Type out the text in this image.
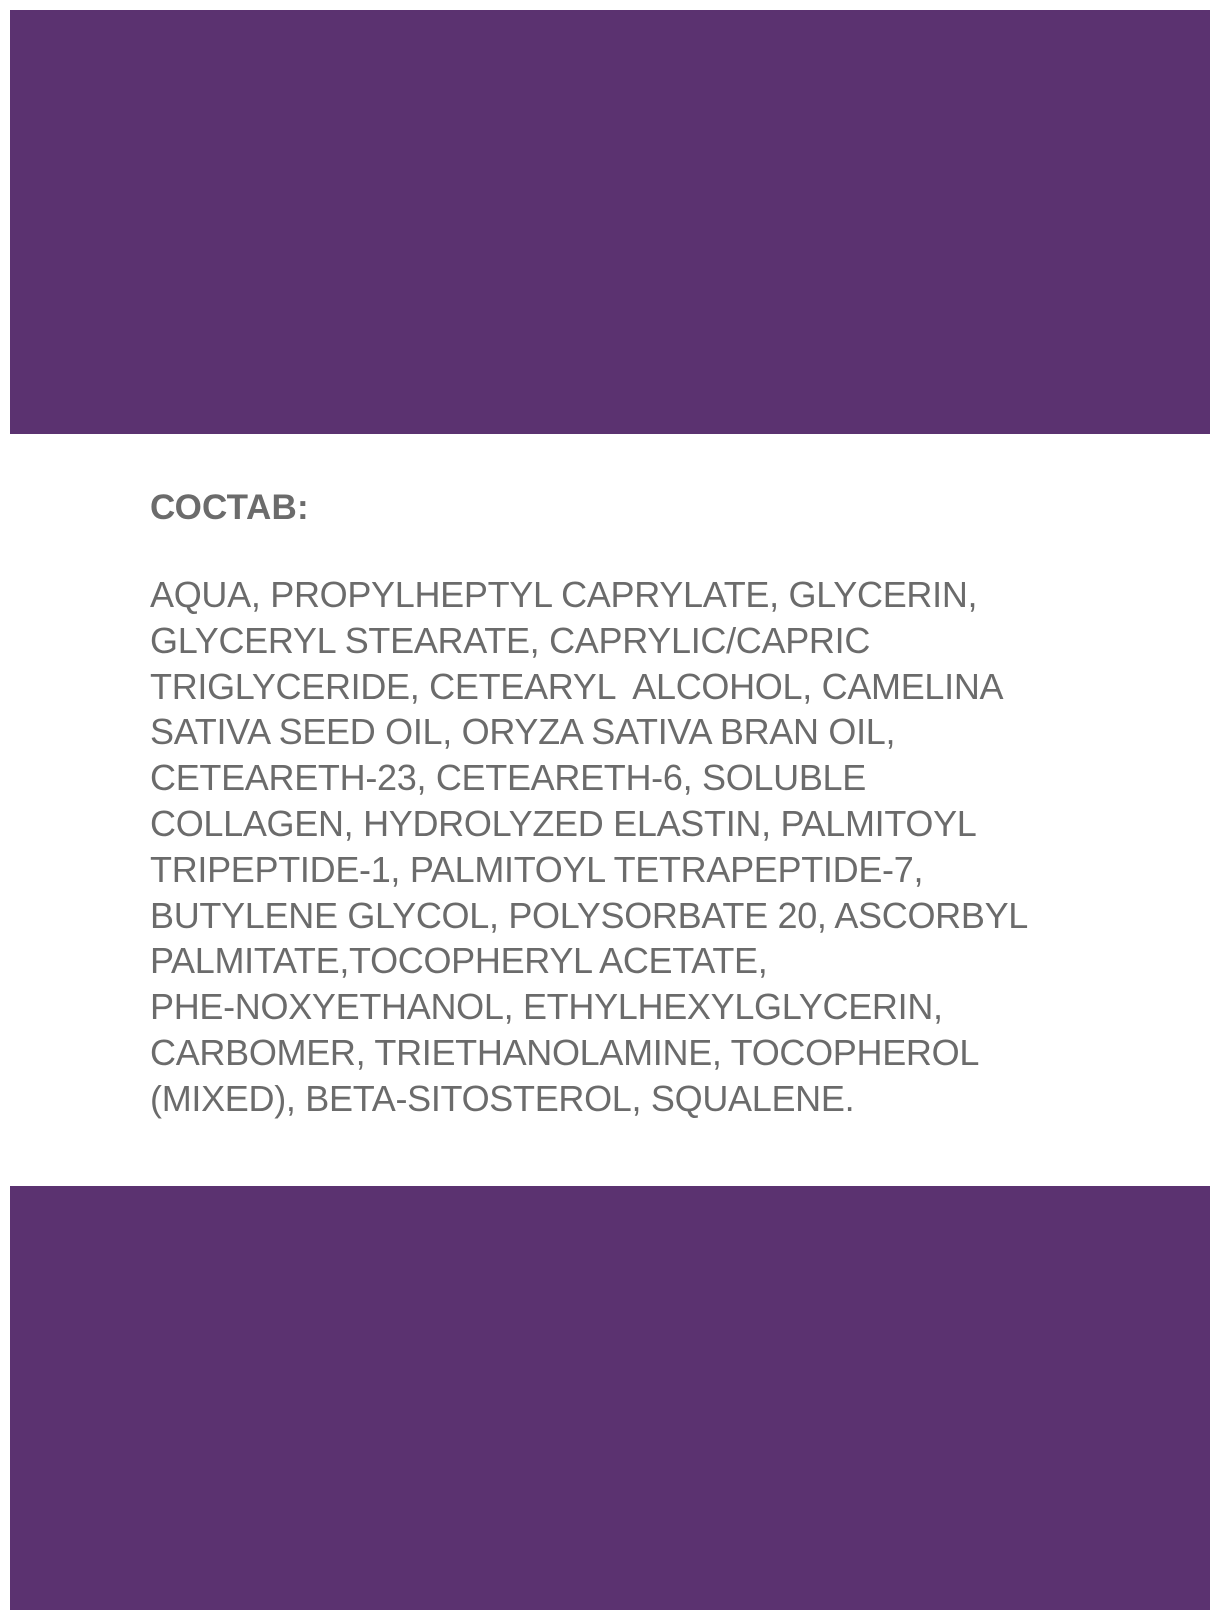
СОСТАВ:

AQUA, PROPYLHEPTYL CAPRYLATE, GLYCERIN,
GLYCERYL STEARATE, CAPRYLIC/CAPRIC
TRIGLYCERIDE, CETEARYL  ALCOHOL, CAMELINA
SATIVA SEED OIL, ORYZA SATIVA BRAN OIL,
CETEARETH-23, CETEARETH-6, SOLUBLE
COLLAGEN, HYDROLYZED ELASTIN, PALMITOYL
TRIPEPTIDE-1, PALMITOYL TETRAPEPTIDE-7,
BUTYLENE GLYCOL, POLYSORBATE 20, ASCORBYL
PALMITATE,TOCOPHERYL ACETATE,
PHE-NOXYETHANOL, ETHYLHEXYLGLYCERIN,
CARBOMER, TRIETHANOLAMINE, TOCOPHEROL
(MIXED), BETA-SITOSTEROL, SQUALENE.
